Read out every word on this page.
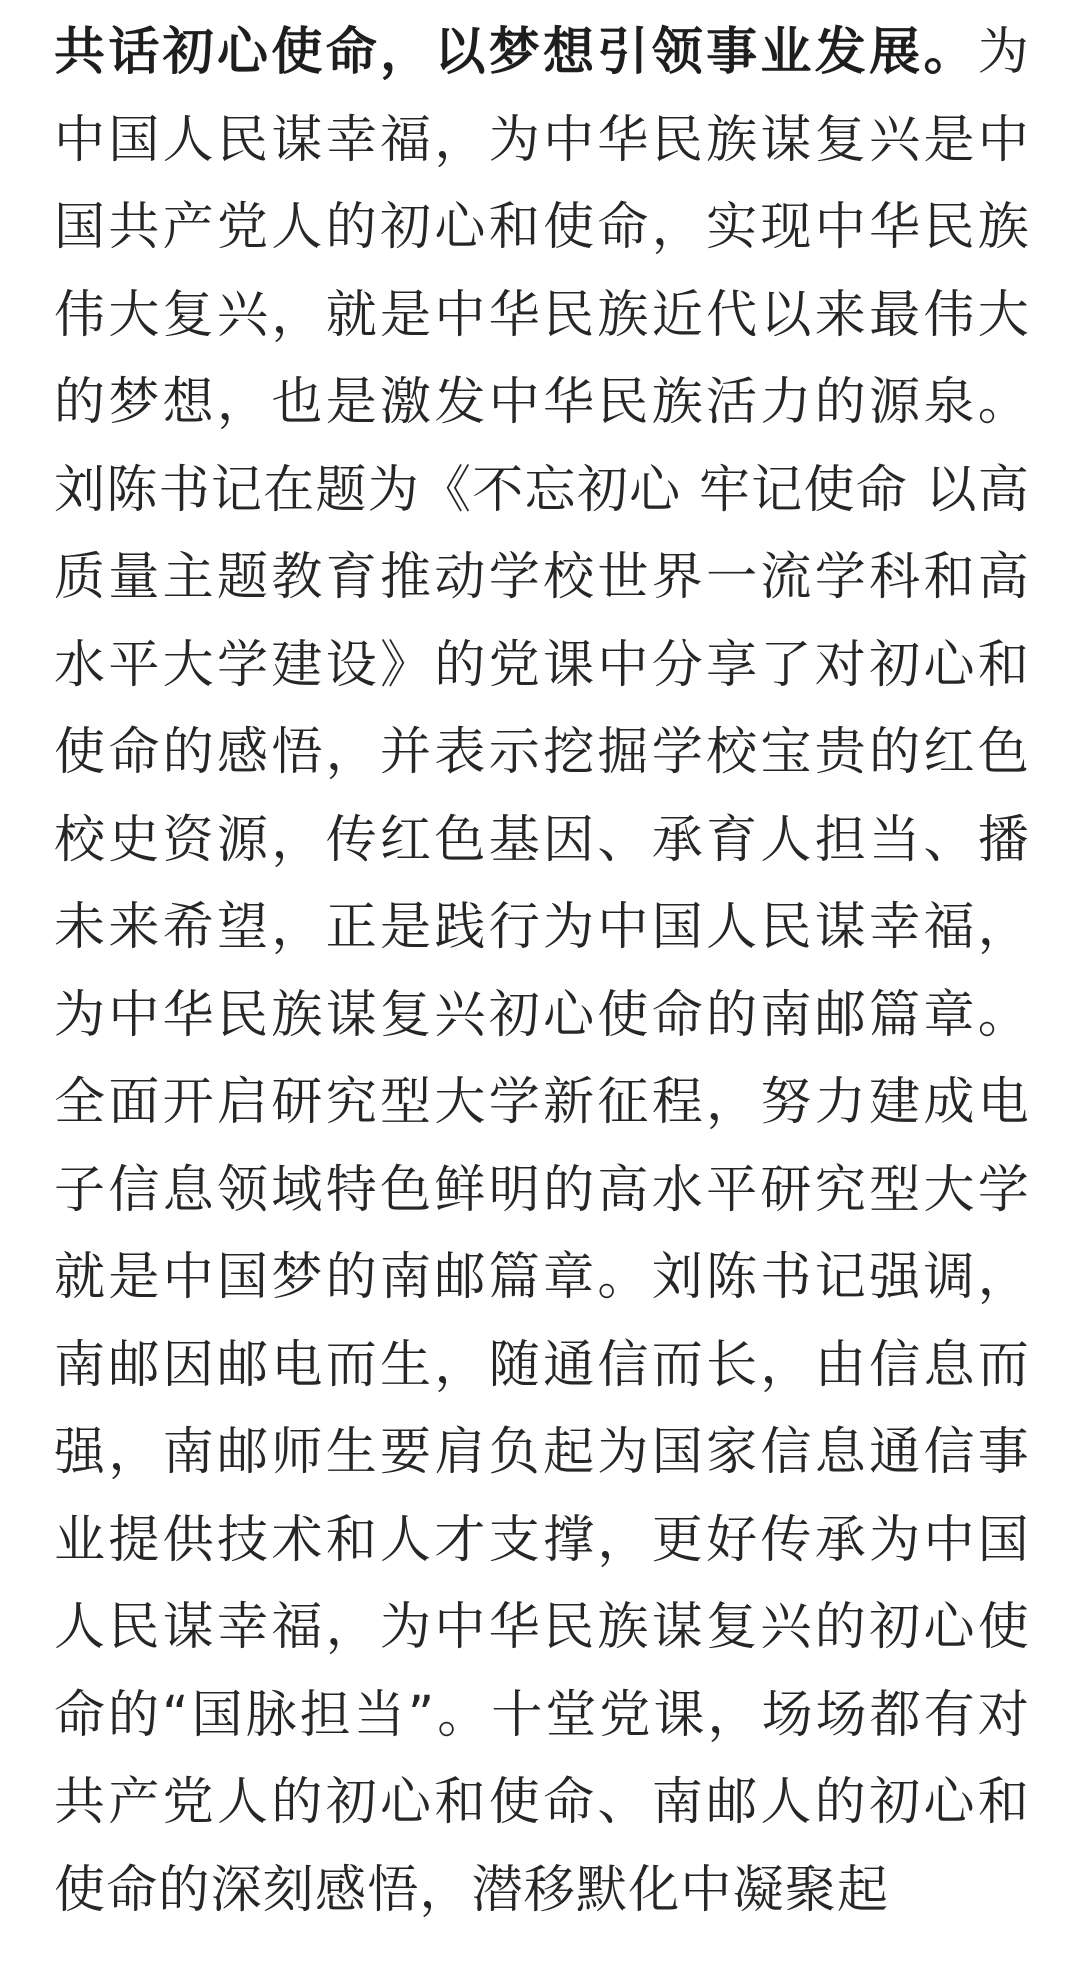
共话初心使命，以梦想引领事业发展。为中国人民谋幸福，为中华民族谋复兴是中国共产党人的初心和使命，实现中华民族伟大复兴，就是中华民族近代以来最伟大的梦想，也是激发中华民族活力的源泉。刘陈书记在题为《不忘初心 牢记使命 以高质量主题教育推动学校世界一流学科和高水平大学建设》的党课中分享了对初心和使命的感悟，并表示挖掘学校宝贵的红色校史资源，传红色基因、承育人担当、播未来希望，正是践行为中国人民谋幸福，为中华民族谋复兴初心使命的南邮篇章。全面开启研究型大学新征程，努力建成电子信息领域特色鲜明的高水平研究型大学就是中国梦的南邮篇章。刘陈书记强调，南邮因邮电而生，随通信而长，由信息而强，南邮师生要肩负起为国家信息通信事业提供技术和人才支撑，更好传承为中国人民谋幸福，为中华民族谋复兴的初心使命的“国脉担当”。十堂党课，场场都有对共产党人的初心和使命、南邮人的初心和使命的深刻感悟，潜移默化中凝聚起
